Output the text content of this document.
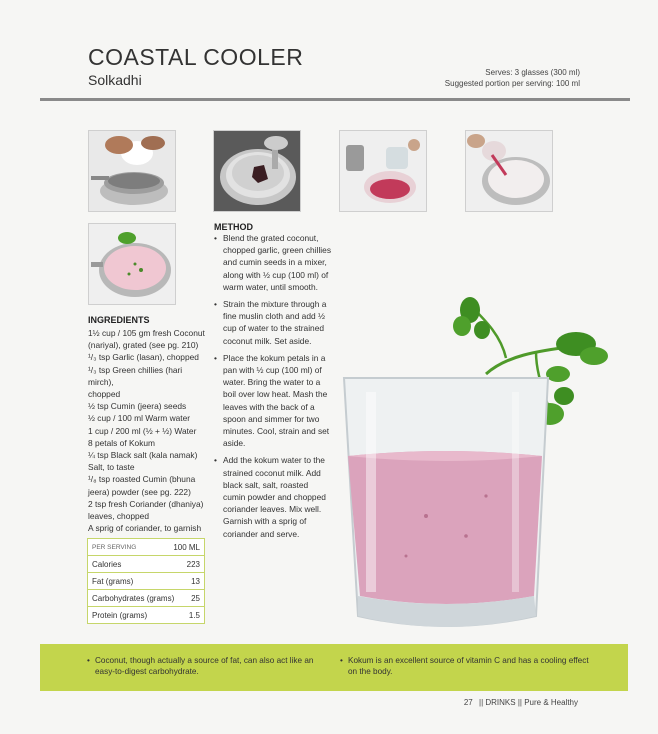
COASTAL COOLER
Solkadhi	Serves: 3 glasses (300 ml)
Suggested portion per serving: 100 ml
INGREDIENTS
1½ cup / 105 gm fresh Coconut
(nariyal), grated (see pg. 210)
¹/₃ tsp Garlic (lasan), chopped
¹/₃ tsp Green chillies (hari mirch),
chopped
½ tsp Cumin (jeera) seeds
½ cup / 100 ml Warm water
1 cup / 200 ml (½ + ½) Water
8 petals of Kokum
¼ tsp Black salt (kala namak)
Salt, to taste
¹/₈ tsp roasted Cumin (bhuna
jeera) powder (see pg. 222)
2 tsp fresh Coriander (dhaniya)
leaves, chopped
A sprig of coriander, to garnish
METHOD
• Blend the grated coconut, chopped garlic, green chillies and cumin seeds in a mixer, along with ½ cup (100 ml) of warm water, until smooth.
• Strain the mixture through a fine muslin cloth and add ½ cup of water to the strained coconut milk. Set aside.
• Place the kokum petals in a pan with ½ cup (100 ml) of water. Bring the water to a boil over low heat. Mash the leaves with the back of a spoon and simmer for two minutes. Cool, strain and set aside.
• Add the kokum water to the strained coconut milk. Add black salt, salt, roasted cumin powder and chopped coriander leaves. Mix well. Garnish with a sprig of coriander and serve.
PER SERVING	100 ML
Calories	223
Fat (grams)	13
Carbohydrates (grams) 25
Protein (grams)	1.5
• Coconut, though actually a source of fat, can also act like an easy-to-digest carbohydrate.
• Kokum is an excellent source of vitamin C and has a cooling effect on the body.
27 || DRINKS || Pure & Healthy
